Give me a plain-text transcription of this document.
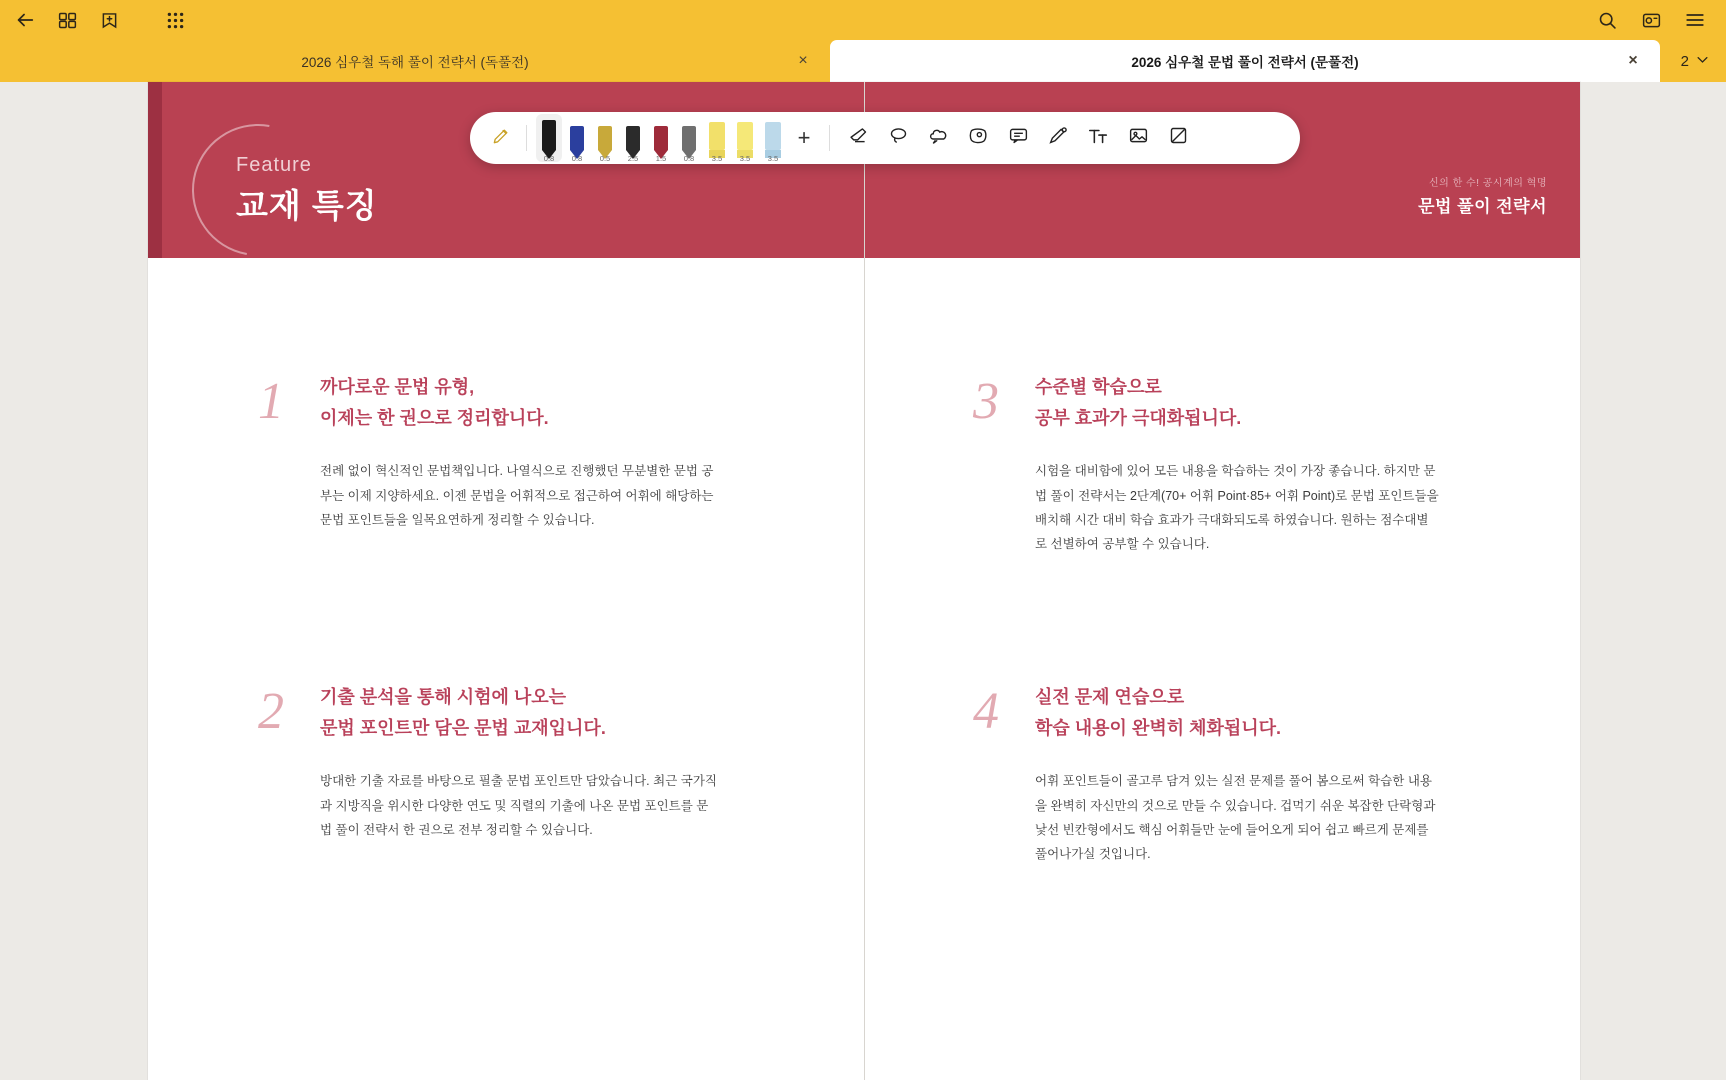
2026 심우철 독해 풀이 전략서 (독풀전)	×	2026 심우철 문법 풀이 전략서 (문풀전)	×	2
Feature
교재 특징
1	까다로운 문법 유형,
이제는 한 권으로 정리합니다.
전례 없이 혁신적인 문법책입니다. 나열식으로 진행했던 무분별한 문법 공부는 이제 지양하세요. 이젠 문법을 어휘적으로 접근하여 어휘에 해당하는 문법 포인트들을 일목요연하게 정리할 수 있습니다.
2	기출 분석을 통해 시험에 나오는
문법 포인트만 담은 문법 교재입니다.
방대한 기출 자료를 바탕으로 필출 문법 포인트만 담았습니다. 최근 국가직과 지방직을 위시한 다양한 연도 및 직렬의 기출에 나온 문법 포인트를 문법 풀이 전략서 한 권으로 전부 정리할 수 있습니다.
신의 한 수! 공시계의 혁명
문법 풀이 전략서
3	수준별 학습으로
공부 효과가 극대화됩니다.
시험을 대비함에 있어 모든 내용을 학습하는 것이 가장 좋습니다. 하지만 문법 풀이 전략서는 2단계(70+ 어휘 Point·85+ 어휘 Point)로 문법 포인트들을 배치해 시간 대비 학습 효과가 극대화되도록 하였습니다. 원하는 점수대별로 선별하여 공부할 수 있습니다.
4	실전 문제 연습으로
학습 내용이 완벽히 체화됩니다.
어휘 포인트들이 골고루 담겨 있는 실전 문제를 풀어 봄으로써 학습한 내용을 완벽히 자신만의 것으로 만들 수 있습니다. 겁먹기 쉬운 복잡한 단락형과 낯선 빈칸형에서도 핵심 어휘들만 눈에 들어오게 되어 쉽고 빠르게 문제를 풀어나가실 것입니다.
0.8	0.8	0.5	2.5	1.5	0.8	3.5	3.5	3.5
+
